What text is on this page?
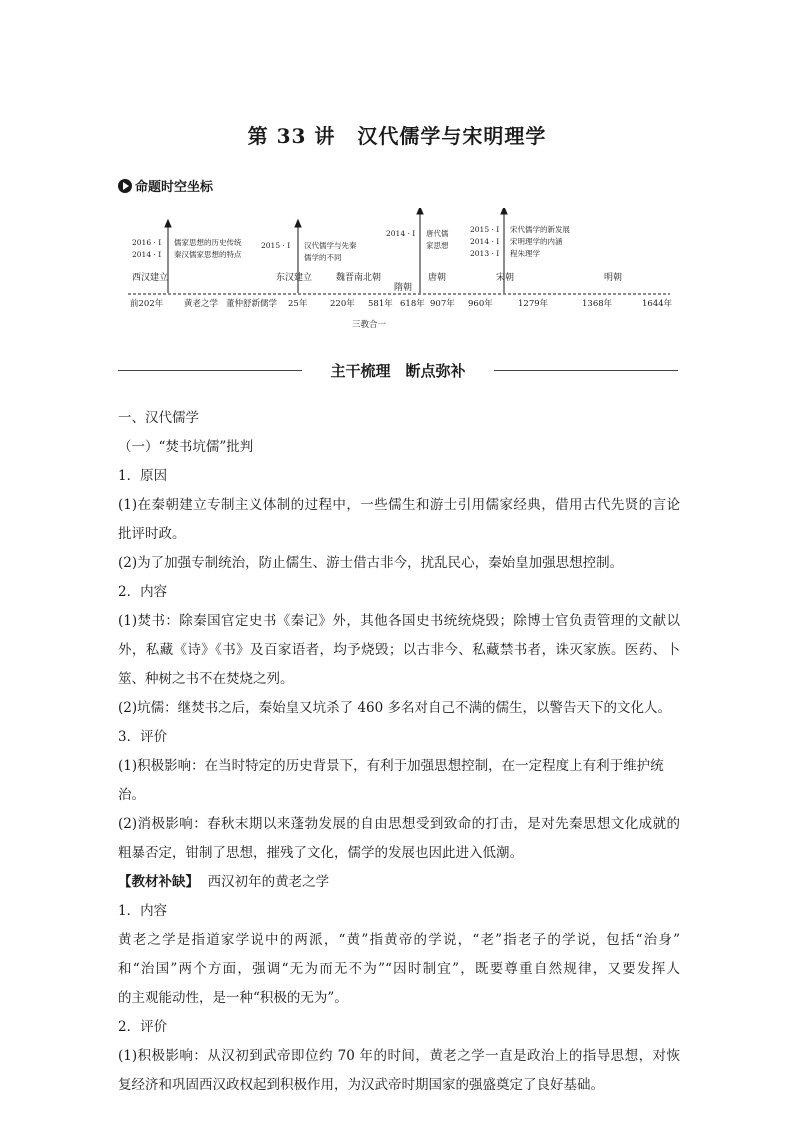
第 33 讲 汉代儒学与宋明理学
命题时空坐标
2016 · Ⅰ
2014 · Ⅰ
儒家思想的历史传统
秦汉儒家思想的特点
2015 · Ⅰ 汉代儒学与先秦
儒学的不同
2014 · Ⅰ 唐代儒
家思想
2015 · Ⅰ
2014 · Ⅰ
2013 · Ⅰ
宋代儒学的新发展
宋明理学的内涵
程朱理学
西汉建立	东汉建立	魏晋南北朝
隋朝
唐朝	宋朝	明朝
前202年 黄老之学 董仲舒新儒学 25年	220年 581年 618年 907年 960年	1279年	1368年	1644年
三教合一
主干梳理　断点弥补

一、汉代儒学

（一）“焚书坑儒”批判

1．原因

(1)在秦朝建立专制主义体制的过程中，一些儒生和游士引用儒家经典，借用古代先贤的言论

批评时政。

(2)为了加强专制统治，防止儒生、游士借古非今，扰乱民心，秦始皇加强思想控制。

2．内容

(1)焚书：除秦国官定史书《秦记》外，其他各国史书统统烧毁；除博士官负责管理的文献以

外，私藏《诗》《书》及百家语者，均予烧毁；以古非今、私藏禁书者，诛灭家族。医药、卜

筮、种树之书不在焚烧之列。

(2)坑儒：继焚书之后，秦始皇又坑杀了 460 多名对自己不满的儒生，以警告天下的文化人。

3．评价

(1)积极影响：在当时特定的历史背景下，有利于加强思想控制，在一定程度上有利于维护统治。

(2)消极影响：春秋末期以来蓬勃发展的自由思想受到致命的打击，是对先秦思想文化成就的

粗暴否定，钳制了思想，摧残了文化，儒学的发展也因此进入低潮。

【教材补缺】 西汉初年的黄老之学

1．内容

黄老之学是指道家学说中的两派，“黄”指黄帝的学说，“老”指老子的学说，包括“治身”

和“治国”两个方面，强调“无为而无不为”“因时制宜”，既要尊重自然规律，又要发挥人

的主观能动性，是一种“积极的无为”。

2．评价

(1)积极影响：从汉初到武帝即位约 70 年的时间，黄老之学一直是政治上的指导思想，对恢

复经济和巩固西汉政权起到积极作用，为汉武帝时期国家的强盛奠定了良好基础。
